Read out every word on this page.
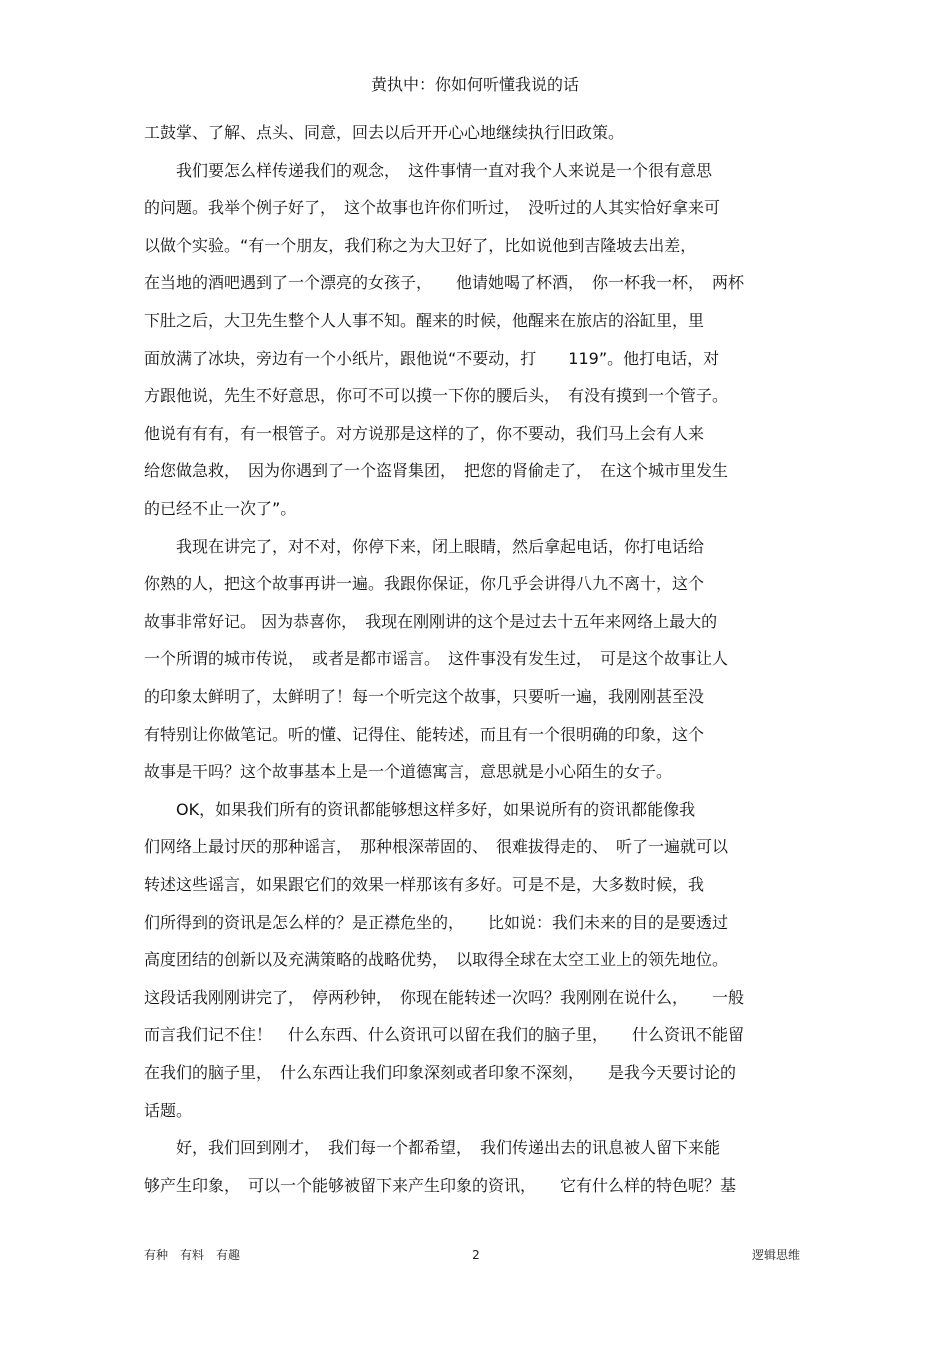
黄执中：你如何听懂我说的话
工鼓掌、了解、点头、同意，回去以后开开心心地继续执行旧政策。
　　我们要怎么样传递我们的观念，　这件事情一直对我个人来说是一个很有意思
的问题。我举个例子好了，　这个故事也许你们听过，　没听过的人其实恰好拿来可
以做个实验。“有一个朋友，我们称之为大卫好了，比如说他到吉隆坡去出差，
在当地的酒吧遇到了一个漂亮的女孩子，　　他请她喝了杯酒，　你一杯我一杯，　两杯
下肚之后，大卫先生整个人人事不知。醒来的时候，他醒来在旅店的浴缸里，里
面放满了冰块，旁边有一个小纸片，跟他说“不要动，打　　119”。他打电话，对
方跟他说，先生不好意思，你可不可以摸一下你的腰后头，　有没有摸到一个管子。
他说有有有，有一根管子。对方说那是这样的了，你不要动，我们马上会有人来
给您做急救，　因为你遇到了一个盗肾集团，　把您的肾偷走了，　在这个城市里发生
的已经不止一次了”。
　　我现在讲完了，对不对，你停下来，闭上眼睛，然后拿起电话，你打电话给
你熟的人，把这个故事再讲一遍。我跟你保证，你几乎会讲得八九不离十，这个
故事非常好记。 因为恭喜你，　我现在刚刚讲的这个是过去十五年来网络上最大的
一个所谓的城市传说，　或者是都市谣言。　这件事没有发生过，　可是这个故事让人
的印象太鲜明了，太鲜明了！每一个听完这个故事，只要听一遍，我刚刚甚至没
有特别让你做笔记。听的懂、记得住、能转述，而且有一个很明确的印象，这个
故事是干吗？这个故事基本上是一个道德寓言，意思就是小心陌生的女子。
　　OK，如果我们所有的资讯都能够想这样多好，如果说所有的资讯都能像我
们网络上最讨厌的那种谣言，　那种根深蒂固的、　很难拔得走的、　听了一遍就可以
转述这些谣言，如果跟它们的效果一样那该有多好。可是不是，大多数时候，我
们所得到的资讯是怎么样的？是正襟危坐的，　　比如说：我们未来的目的是要透过
高度团结的创新以及充满策略的战略优势，　以取得全球在太空工业上的领先地位。
这段话我刚刚讲完了，　停两秒钟，　你现在能转述一次吗？我刚刚在说什么，　　一般
而言我们记不住！　什么东西、什么资讯可以留在我们的脑子里，　　什么资讯不能留
在我们的脑子里，　什么东西让我们印象深刻或者印象不深刻，　　是我今天要讨论的
话题。
　　好，我们回到刚才，　我们每一个都希望，　我们传递出去的讯息被人留下来能
够产生印象，　可以一个能够被留下来产生印象的资讯，　　它有什么样的特色呢？基
有种　有料　有趣	2	逻辑思维
